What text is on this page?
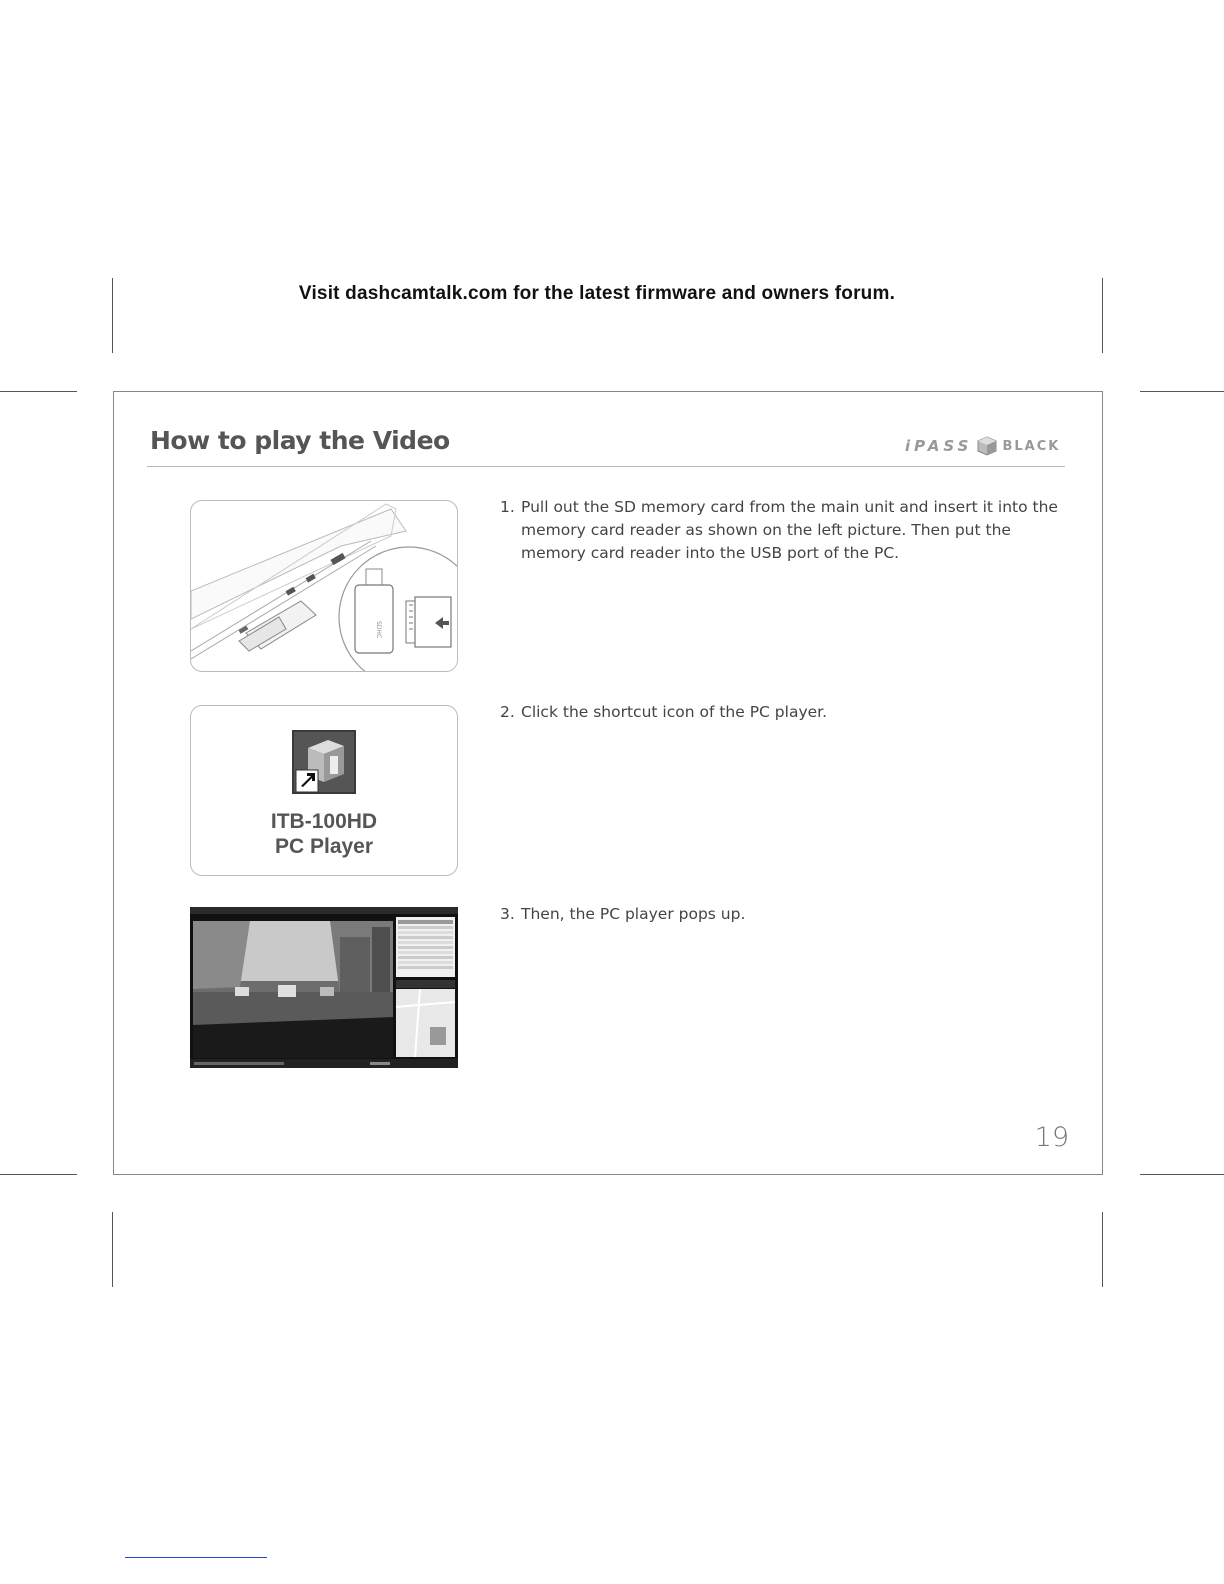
Visit dashcamtalk.com for the latest firmware and owners forum.
How to play the Video	iPASS BLACK
SDHC
ITB-100HD
PC Player
1. Pull out the SD memory card from the main unit and insert it into the memory card reader as shown on the left picture. Then put the memory card reader into the USB port of the PC.
2. Click the shortcut icon of the PC player.
3. Then, the PC player pops up.
19
